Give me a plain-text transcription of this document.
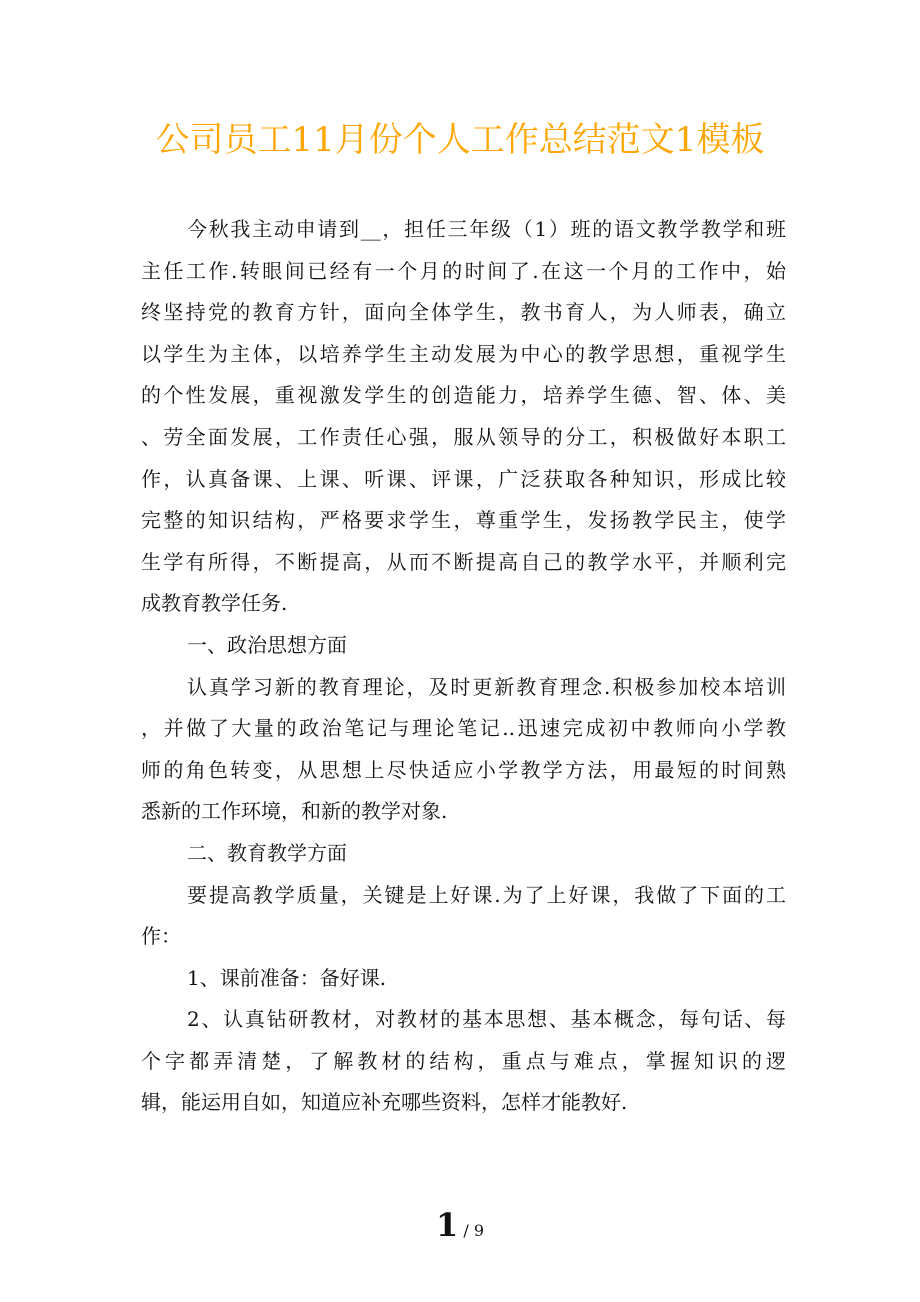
公司员工11月份个人工作总结范文1模板
今秋我主动申请到__，担任三年级（1）班的语文教学教学和班
主任工作.转眼间已经有一个月的时间了.在这一个月的工作中，始
终坚持党的教育方针，面向全体学生，教书育人，为人师表，确立
以学生为主体，以培养学生主动发展为中心的教学思想，重视学生
的个性发展，重视激发学生的创造能力，培养学生德、智、体、美
、劳全面发展，工作责任心强，服从领导的分工，积极做好本职工
作，认真备课、上课、听课、评课，广泛获取各种知识，形成比较
完整的知识结构，严格要求学生，尊重学生，发扬教学民主，使学
生学有所得，不断提高，从而不断提高自己的教学水平，并顺利完
成教育教学任务.
一、政治思想方面
认真学习新的教育理论，及时更新教育理念.积极参加校本培训
，并做了大量的政治笔记与理论笔记..迅速完成初中教师向小学教
师的角色转变，从思想上尽快适应小学教学方法，用最短的时间熟
悉新的工作环境，和新的教学对象.
二、教育教学方面
要提高教学质量，关键是上好课.为了上好课，我做了下面的工
作：
1、课前准备：备好课.
2、认真钻研教材，对教材的基本思想、基本概念，每句话、每
个字都弄清楚，了解教材的结构，重点与难点，掌握知识的逻
辑，能运用自如，知道应补充哪些资料，怎样才能教好.
1 / 9
